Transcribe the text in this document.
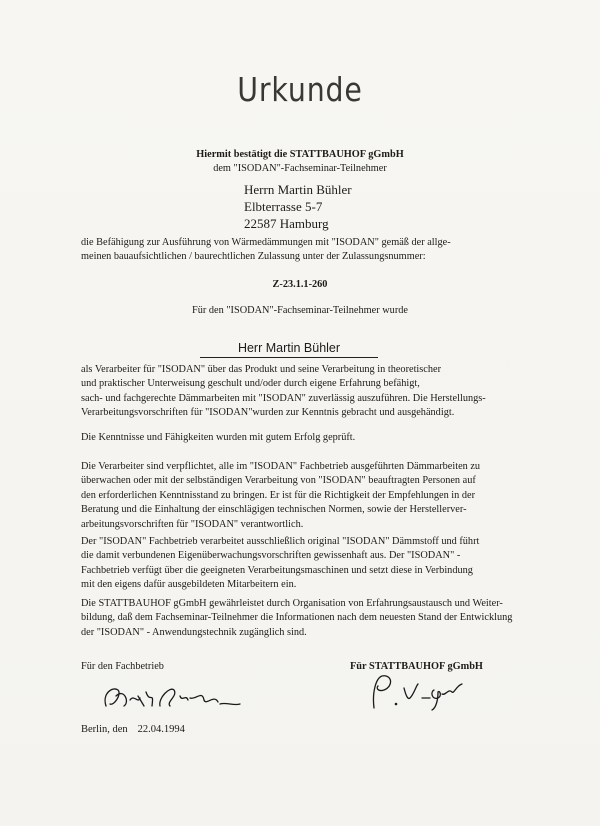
Urkunde
Hiermit bestätigt die STATTBAUHOF gGmbH
dem "ISODAN"-Fachseminar-Teilnehmer
Herrn Martin Bühler
Elbterrasse 5-7
22587 Hamburg
die Befähigung zur Ausführung von Wärmedämmungen mit "ISODAN" gemäß der allge-
meinen bauaufsichtlichen / baurechtlichen Zulassung unter der Zulassungsnummer:
Z-23.1.1-260
Für den "ISODAN"-Fachseminar-Teilnehmer wurde
Herr Martin Bühler
als Verarbeiter für "ISODAN" über das Produkt und seine Verarbeitung in theoretischer
und praktischer Unterweisung geschult und/oder durch eigene Erfahrung befähigt,
sach- und fachgerechte Dämmarbeiten mit "ISODAN" zuverlässig auszuführen. Die Herstellungs-
Verarbeitungsvorschriften für "ISODAN"wurden zur Kenntnis gebracht und ausgehändigt.
Die Kenntnisse und Fähigkeiten wurden mit gutem Erfolg geprüft.
Die Verarbeiter sind verpflichtet, alle im "ISODAN" Fachbetrieb ausgeführten Dämmarbeiten zu
überwachen oder mit der selbständigen Verarbeitung von "ISODAN" beauftragten Personen auf
den erforderlichen Kenntnisstand zu bringen. Er ist für die Richtigkeit der Empfehlungen in der
Beratung und die Einhaltung der einschlägigen technischen Normen, sowie der Herstellerver-
arbeitungsvorschriften für "ISODAN" verantwortlich.
Der "ISODAN" Fachbetrieb verarbeitet ausschließlich original "ISODAN" Dämmstoff und führt
die damit verbundenen Eigenüberwachungsvorschriften gewissenhaft aus. Der "ISODAN" -
Fachbetrieb verfügt über die geeigneten Verarbeitungsmaschinen und setzt diese in Verbindung
mit den eigens dafür ausgebildeten Mitarbeitern ein.
Die STATTBAUHOF gGmbH gewährleistet durch Organisation von Erfahrungsaustausch und Weiter-
bildung, daß dem Fachseminar-Teilnehmer die Informationen nach dem neuesten Stand der Entwicklung
der "ISODAN" - Anwendungstechnik zugänglich sind.
Für den Fachbetrieb	Für STATTBAUHOF gGmbH
Berlin, den 22.04.1994
